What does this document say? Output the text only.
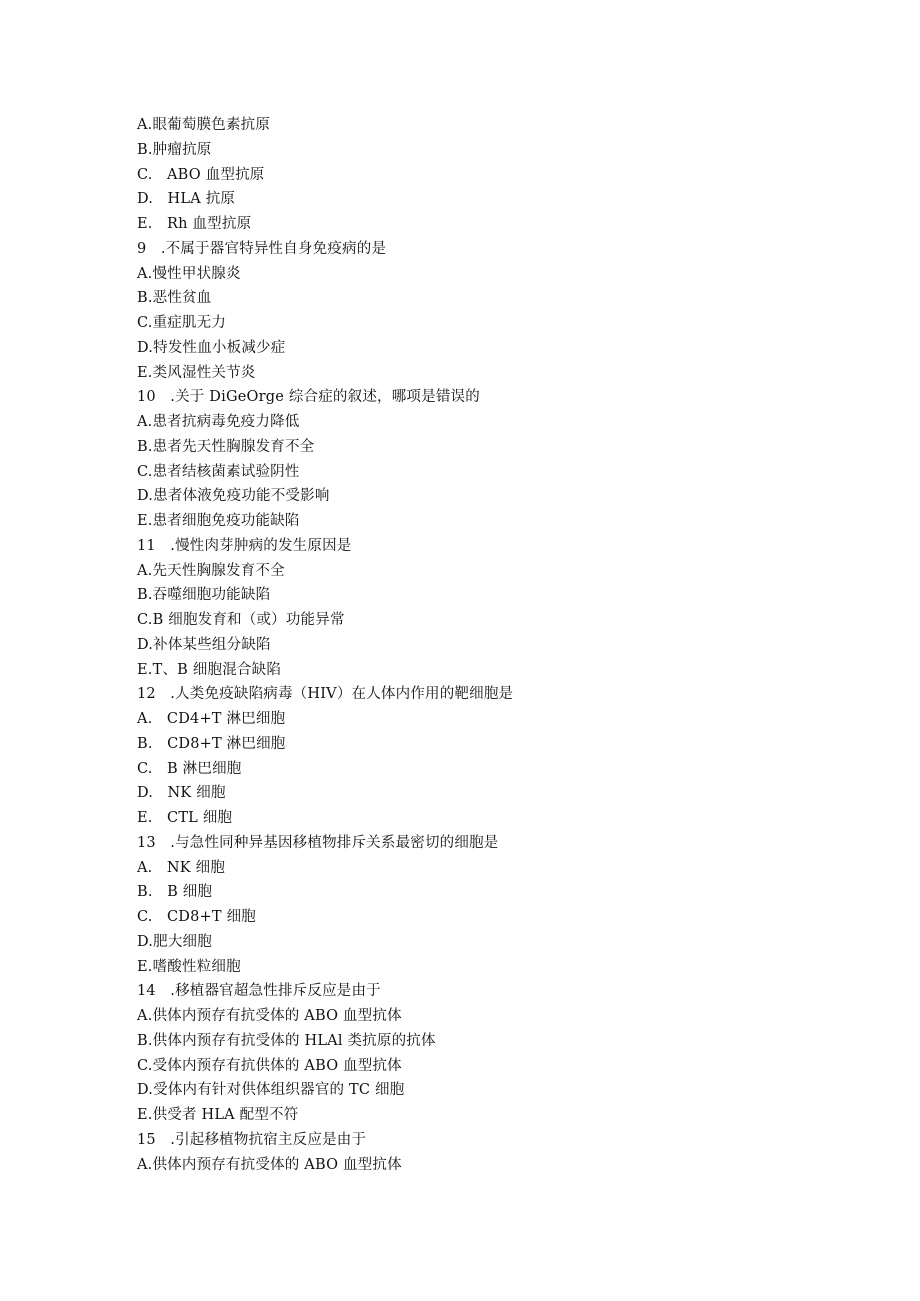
A.眼葡萄膜色素抗原
B.肿瘤抗原
C.   ABO 血型抗原
D.   HLA 抗原
E.   Rh 血型抗原
9   .不属于器官特异性自身免疫病的是
A.慢性甲状腺炎
B.恶性贫血
C.重症肌无力
D.特发性血小板减少症
E.类风湿性关节炎
10   .关于 DiGeOrge 综合症的叙述，哪项是错误的
A.患者抗病毒免疫力降低
B.患者先天性胸腺发育不全
C.患者结核菌素试验阴性
D.患者体液免疫功能不受影响
E.患者细胞免疫功能缺陷
11   .慢性肉芽肿病的发生原因是
A.先天性胸腺发育不全
B.吞噬细胞功能缺陷
C.B 细胞发育和（或）功能异常
D.补体某些组分缺陷
E.T、B 细胞混合缺陷
12   .人类免疫缺陷病毒（HIV）在人体内作用的靶细胞是
A.   CD4+T 淋巴细胞
B.   CD8+T 淋巴细胞
C.   B 淋巴细胞
D.   NK 细胞
E.   CTL 细胞
13   .与急性同种异基因移植物排斥关系最密切的细胞是
A.   NK 细胞
B.   B 细胞
C.   CD8+T 细胞
D.肥大细胞
E.嗜酸性粒细胞
14   .移植器官超急性排斥反应是由于
A.供体内预存有抗受体的 ABO 血型抗体
B.供体内预存有抗受体的 HLAl 类抗原的抗体
C.受体内预存有抗供体的 ABO 血型抗体
D.受体内有针对供体组织器官的 TC 细胞
E.供受者 HLA 配型不符
15   .引起移植物抗宿主反应是由于
A.供体内预存有抗受体的 ABO 血型抗体
